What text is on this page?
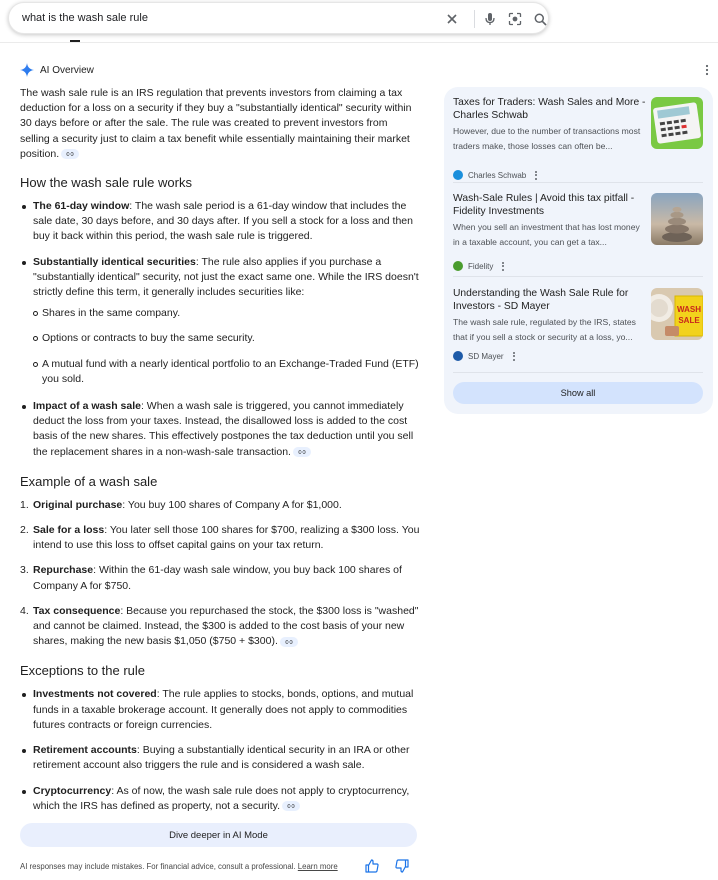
what is the wash sale rule
AI Overview

The wash sale rule is an IRS regulation that prevents investors from claiming a tax deduction for a loss on a security if they buy a "substantially identical" security within 30 days before or after the sale. The rule was created to prevent investors from selling a security just to claim a tax benefit while essentially maintaining their market position.

How the wash sale rule works
The 61-day window: The wash sale period is a 61-day window that includes the sale date, 30 days before, and 30 days after. If you sell a stock for a loss and then buy it back within this period, the wash sale rule is triggered.
Substantially identical securities: The rule also applies if you purchase a "substantially identical" security, not just the exact same one. While the IRS doesn't strictly define this term, it generally includes securities like:
Shares in the same company.
Options or contracts to buy the same security.
A mutual fund with a nearly identical portfolio to an Exchange-Traded Fund (ETF) you sold.
Impact of a wash sale: When a wash sale is triggered, you cannot immediately deduct the loss from your taxes. Instead, the disallowed loss is added to the cost basis of the new shares. This effectively postpones the tax deduction until you sell the replacement shares in a non-wash-sale transaction.
Example of a wash sale
1. Original purchase: You buy 100 shares of Company A for $1,000.
2. Sale for a loss: You later sell those 100 shares for $700, realizing a $300 loss. You intend to use this loss to offset capital gains on your tax return.
3. Repurchase: Within the 61-day wash sale window, you buy back 100 shares of Company A for $750.
4. Tax consequence: Because you repurchased the stock, the $300 loss is "washed" and cannot be claimed. Instead, the $300 is added to the cost basis of your new shares, making the new basis $1,050 ($750 + $300).
Exceptions to the rule
Investments not covered: The rule applies to stocks, bonds, options, and mutual funds in a taxable brokerage account. It generally does not apply to commodities futures contracts or foreign currencies.
Retirement accounts: Buying a substantially identical security in an IRA or other retirement account also triggers the rule and is considered a wash sale.
Cryptocurrency: As of now, the wash sale rule does not apply to cryptocurrency, which the IRS has defined as property, not a security.
Dive deeper in AI Mode
AI responses may include mistakes. For financial advice, consult a professional. Learn more
Taxes for Traders: Wash Sales and More - Charles Schwab
However, due to the number of transactions most traders make, those losses can often be...
Charles Schwab
Wash-Sale Rules | Avoid this tax pitfall - Fidelity Investments
When you sell an investment that has lost money in a taxable account, you can get a tax...
Fidelity
Understanding the Wash Sale Rule for Investors - SD Mayer
The wash sale rule, regulated by the IRS, states that if you sell a stock or security at a loss, yo...
SD Mayer
WASH
SALE
Show all
